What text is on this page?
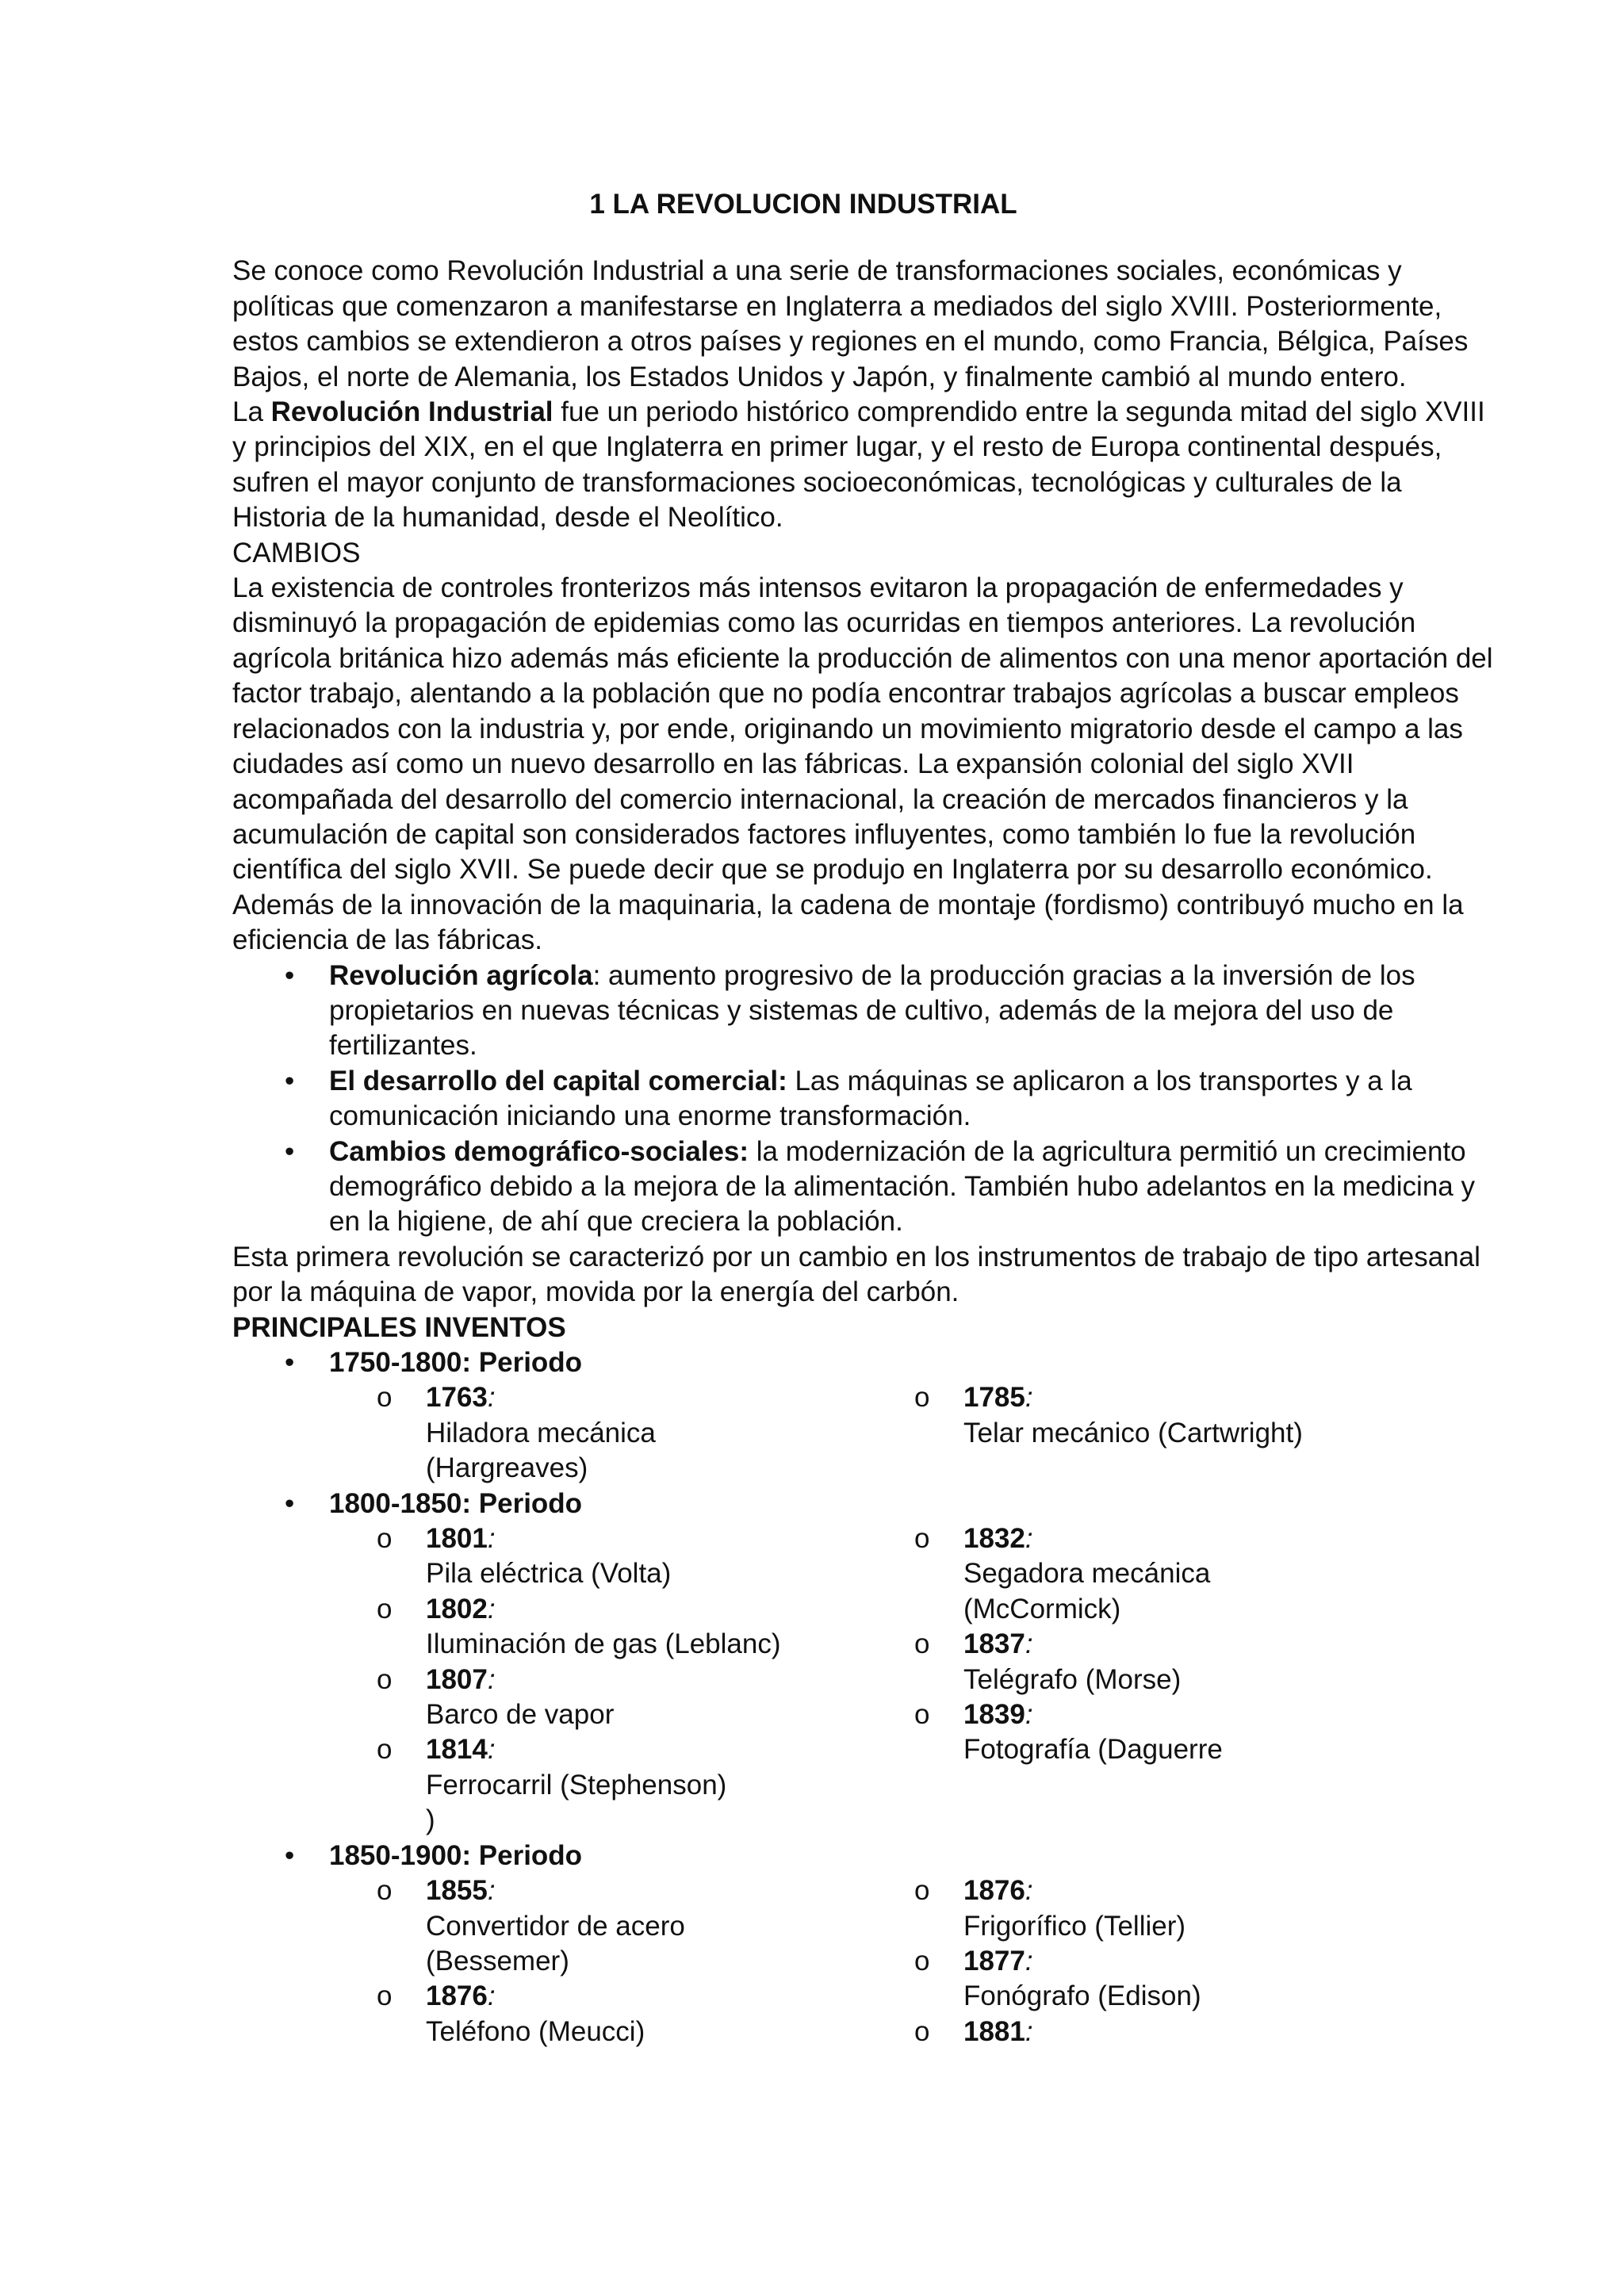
1 LA REVOLUCION INDUSTRIAL

Se conoce como Revolución Industrial a una serie de transformaciones sociales, económicas y políticas que comenzaron a manifestarse en Inglaterra a mediados del siglo XVIII. Posteriormente, estos cambios se extendieron a otros países y regiones en el mundo, como Francia, Bélgica, Países Bajos, el norte de Alemania, los Estados Unidos y Japón, y finalmente cambió al mundo entero.

La Revolución Industrial fue un periodo histórico comprendido entre la segunda mitad del siglo XVIII y principios del XIX, en el que Inglaterra en primer lugar, y el resto de Europa continental después, sufren el mayor conjunto de transformaciones socioeconómicas, tecnológicas y culturales de la Historia de la humanidad, desde el Neolítico.

CAMBIOS

La existencia de controles fronterizos más intensos evitaron la propagación de enfermedades y disminuyó la propagación de epidemias como las ocurridas en tiempos anteriores. La revolución agrícola británica hizo además más eficiente la producción de alimentos con una menor aportación del factor trabajo, alentando a la población que no podía encontrar trabajos agrícolas a buscar empleos relacionados con la industria y, por ende, originando un movimiento migratorio desde el campo a las ciudades así como un nuevo desarrollo en las fábricas. La expansión colonial del siglo XVII acompañada del desarrollo del comercio internacional, la creación de mercados financieros y la acumulación de capital son considerados factores influyentes, como también lo fue la revolución científica del siglo XVII. Se puede decir que se produjo en Inglaterra por su desarrollo económico.

Además de la innovación de la maquinaria, la cadena de montaje (fordismo) contribuyó mucho en la eficiencia de las fábricas.

• Revolución agrícola: aumento progresivo de la producción gracias a la inversión de los propietarios en nuevas técnicas y sistemas de cultivo, además de la mejora del uso de fertilizantes.
• El desarrollo del capital comercial: Las máquinas se aplicaron a los transportes y a la comunicación iniciando una enorme transformación.
• Cambios demográfico-sociales: la modernización de la agricultura permitió un crecimiento demográfico debido a la mejora de la alimentación. También hubo adelantos en la medicina y en la higiene, de ahí que creciera la población.

Esta primera revolución se caracterizó por un cambio en los instrumentos de trabajo de tipo artesanal por la máquina de vapor, movida por la energía del carbón.

PRINCIPALES INVENTOS

• 1750-1800: Periodo
o 1763:
Hiladora mecánica (Hargreaves)
o 1785:
Telar mecánico (Cartwright)
• 1800-1850: Periodo
o 1801:
Pila eléctrica (Volta)
o 1802:
Iluminación de gas (Leblanc)
o 1807:
Barco de vapor
o 1814:
Ferrocarril (Stephenson)
)
o 1832:
Segadora mecánica (McCormick)
o 1837:
Telégrafo (Morse)
o 1839:
Fotografía (Daguerre
• 1850-1900: Periodo
o 1855:
Convertidor de acero (Bessemer)
o 1876:
Teléfono (Meucci)
o 1876:
Frigorífico (Tellier)
o 1877:
Fonógrafo (Edison)
o 1881:
